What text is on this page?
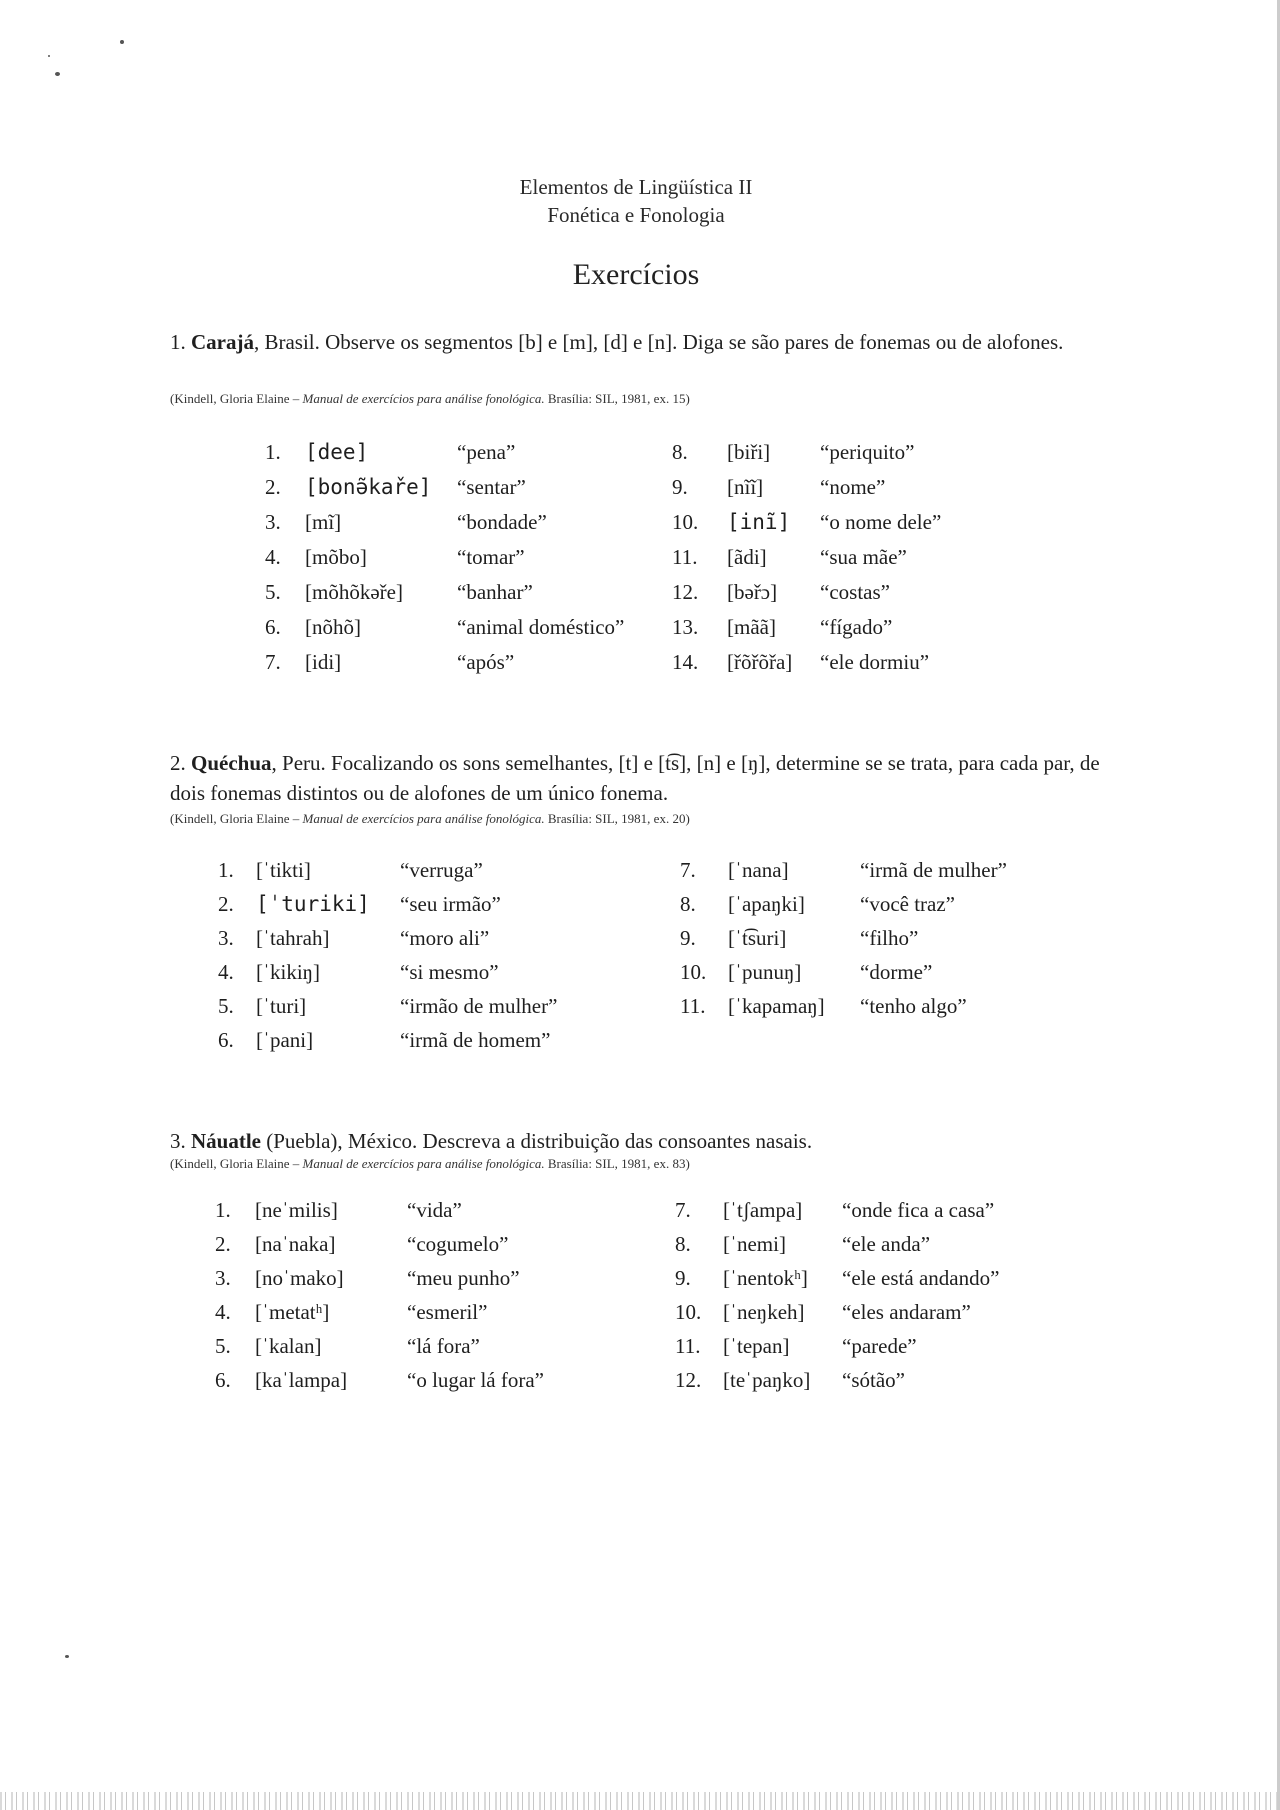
Elementos de Lingüística II
Fonética e Fonologia
Exercícios
1. Carajá, Brasil. Observe os segmentos [b] e [m], [d] e [n]. Diga se são pares de fonemas ou de alofones.
(Kindell, Gloria Elaine – Manual de exercícios para análise fonológica. Brasília: SIL, 1981, ex. 15)
1. [dee]	“pena”
2. [bonə̃kaře] “sentar”
3. [mĩ]	“bondade”
4. [mõbo]	“tomar”
5. [mõhõkəře]	“banhar”
6. [nõhõ]	“animal doméstico”
7. [idi]	“após”
8. [biři] “periquito”
9. [nĩĩ]	“nome”
10. [inĩ] “o nome dele”
11. [ãdi]	“sua mãe”
12. [bəřɔ] “costas”
13. [mãã] “fígado”
14. [řõřõřa] “ele dormiu”
2. Quéchua, Peru. Focalizando os sons semelhantes, [t] e [t͡s], [n] e [ŋ], determine se se trata, para cada par, de dois fonemas distintos ou de alofones de um único fonema.
(Kindell, Gloria Elaine – Manual de exercícios para análise fonológica. Brasília: SIL, 1981, ex. 20)
1. [ˈtikti]	“verruga”
2. [ˈturiki] “seu irmão”
3. [ˈtahrah]	“moro ali”
4. [ˈkikiŋ]	“si mesmo”
5. [ˈturi]	“irmão de mulher”
6. [ˈpani]	“irmã de homem”
7. [ˈnana]	“irmã de mulher”
8. [ˈapaŋki]	“você traz”
9. [ˈt͡suri]	“filho”
10. [ˈpunuŋ]	“dorme”
11. [ˈkapamaŋ] “tenho algo”
3. Náuatle (Puebla), México. Descreva a distribuição das consoantes nasais.
(Kindell, Gloria Elaine – Manual de exercícios para análise fonológica. Brasília: SIL, 1981, ex. 83)
1. [neˈmilis]	“vida”
2. [naˈnaka]	“cogumelo”
3. [noˈmako]	“meu punho”
4. [ˈmetatʰ]	“esmeril”
5. [ˈkalan]	“lá fora”
6. [kaˈlampa]	“o lugar lá fora”
7. [ˈtʃampa] “onde fica a casa”
8. [ˈnemi]	“ele anda”
9. [ˈnentokʰ] “ele está andando”
10. [ˈneŋkeh] “eles andaram”
11. [ˈtepan]	“parede”
12. [teˈpaŋko] “sótão”
